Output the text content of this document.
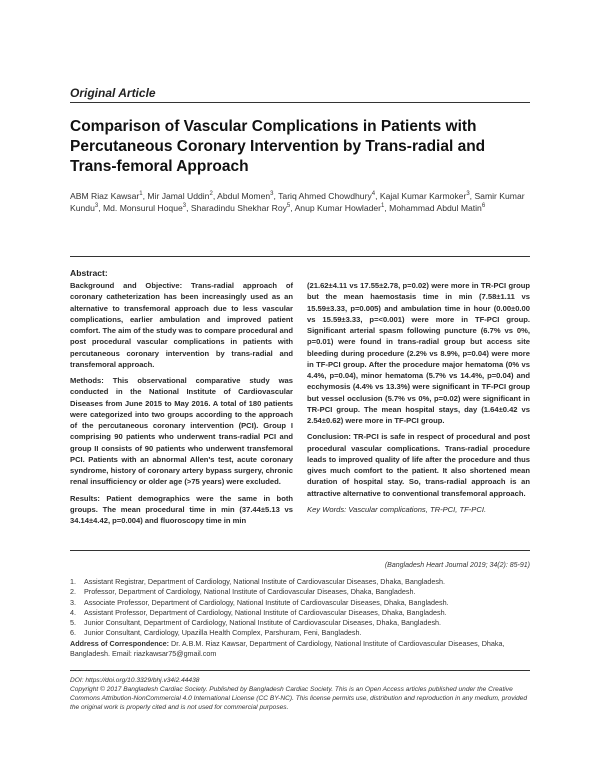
Original Article
Comparison of Vascular Complications in Patients with Percutaneous Coronary Intervention by Trans-radial and Trans-femoral Approach
ABM Riaz Kawsar$^1$, Mir Jamal Uddin$^2$, Abdul Momen$^3$, Tariq Ahmed Chowdhury$^4$, Kajal Kumar Karmoker$^3$, Samir Kumar Kundu$^3$, Md. Monsurul Hoque$^3$, Sharadindu Shekhar Roy$^5$, Anup Kumar Howlader$^1$, Mohammad Abdul Matin$^6$
Abstract:

Background and Objective: Trans-radial approach of coronary catheterization has been increasingly used as an alternative to transfemoral approach due to less vascular complications, earlier ambulation and improved patient comfort. The aim of the study was to compare procedural and post procedural vascular complications in patients with percutaneous coronary intervention by trans-radial and transfemoral approach.

Methods: This observational comparative study was conducted in the National Institute of Cardiovascular Diseases from June 2015 to May 2016. A total of 180 patients were categorized into two groups according to the approach of the percutaneous coronary intervention (PCI). Group I comprising 90 patients who underwent trans-radial PCI and group II consists of 90 patients who underwent transfemoral PCI. Patients with an abnormal Allen's test, acute coronary syndrome, history of coronary artery bypass surgery, chronic renal insufficiency or older age (>75 years) were excluded.

Results: Patient demographics were the same in both groups. The mean procedural time in min (37.44±5.13 vs 34.14±4.42, p=0.004) and fluoroscopy time in min

(21.62±4.11 vs 17.55±2.78, p=0.02) were more in TR-PCI group but the mean haemostasis time in min (7.58±1.11 vs 15.59±3.33, p=0.005) and ambulation time in hour (0.00±0.00 vs 15.59±3.33, p=<0.001) were more in TF-PCI group. Significant arterial spasm following puncture (6.7% vs 0%, p=0.01) were found in trans-radial group but access site bleeding during procedure (2.2% vs 8.9%, p=0.04) were more in TF-PCI group. After the procedure major hematoma (0% vs 4.4%, p=0.04), minor hematoma (5.7% vs 14.4%, p=0.04) and ecchymosis (4.4% vs 13.3%) were significant in TF-PCI group but vessel occlusion (5.7% vs 0%, p=0.02) were significant in TR-PCI group. The mean hospital stays, day (1.64±0.42 vs 2.54±0.62) were more in TF-PCI group.

Conclusion: TR-PCI is safe in respect of procedural and post procedural vascular complications. Trans-radial procedure leads to improved quality of life after the procedure and thus gives much comfort to the patient. It also shortened mean duration of hospital stay. So, trans-radial approach is an attractive alternative to conventional transfemoral approach.

Key Words: Vascular complications, TR-PCI, TF-PCI.

(Bangladesh Heart Journal 2019; 34(2): 85-91)
1.	Assistant Registrar, Department of Cardiology, National Institute of Cardiovascular Diseases, Dhaka, Bangladesh.
2.	Professor, Department of Cardiology, National Institute of Cardiovascular Diseases, Dhaka, Bangladesh.
3.	Associate Professor, Department of Cardiology, National Institute of Cardiovascular Diseases, Dhaka, Bangladesh.
4.	Assistant Professor, Department of Cardiology, National Institute of Cardiovascular Diseases, Dhaka, Bangladesh.
5.	Junior Consultant, Department of Cardiology, National Institute of Cardiovascular Diseases, Dhaka, Bangladesh.
6.	Junior Consultant, Cardiology, Upazilla Health Complex, Parshuram, Feni, Bangladesh.
Address of Correspondence: Dr. A.B.M. Riaz Kawsar, Department of Cardiology, National Institute of Cardiovascular Diseases, Dhaka, Bangladesh. Email: riazkawsar75@gmail.com
DOI: https://doi.org/10.3329/bhj.v34i2.44438
Copyright © 2017 Bangladesh Cardiac Society. Published by Bangladesh Cardiac Society. This is an Open Access articles published under the Creative Commons Attribution-NonCommercial 4.0 International License (CC BY-NC). This license permits use, distribution and reproduction in any medium, provided the original work is properly cited and is not used for commercial purposes.
